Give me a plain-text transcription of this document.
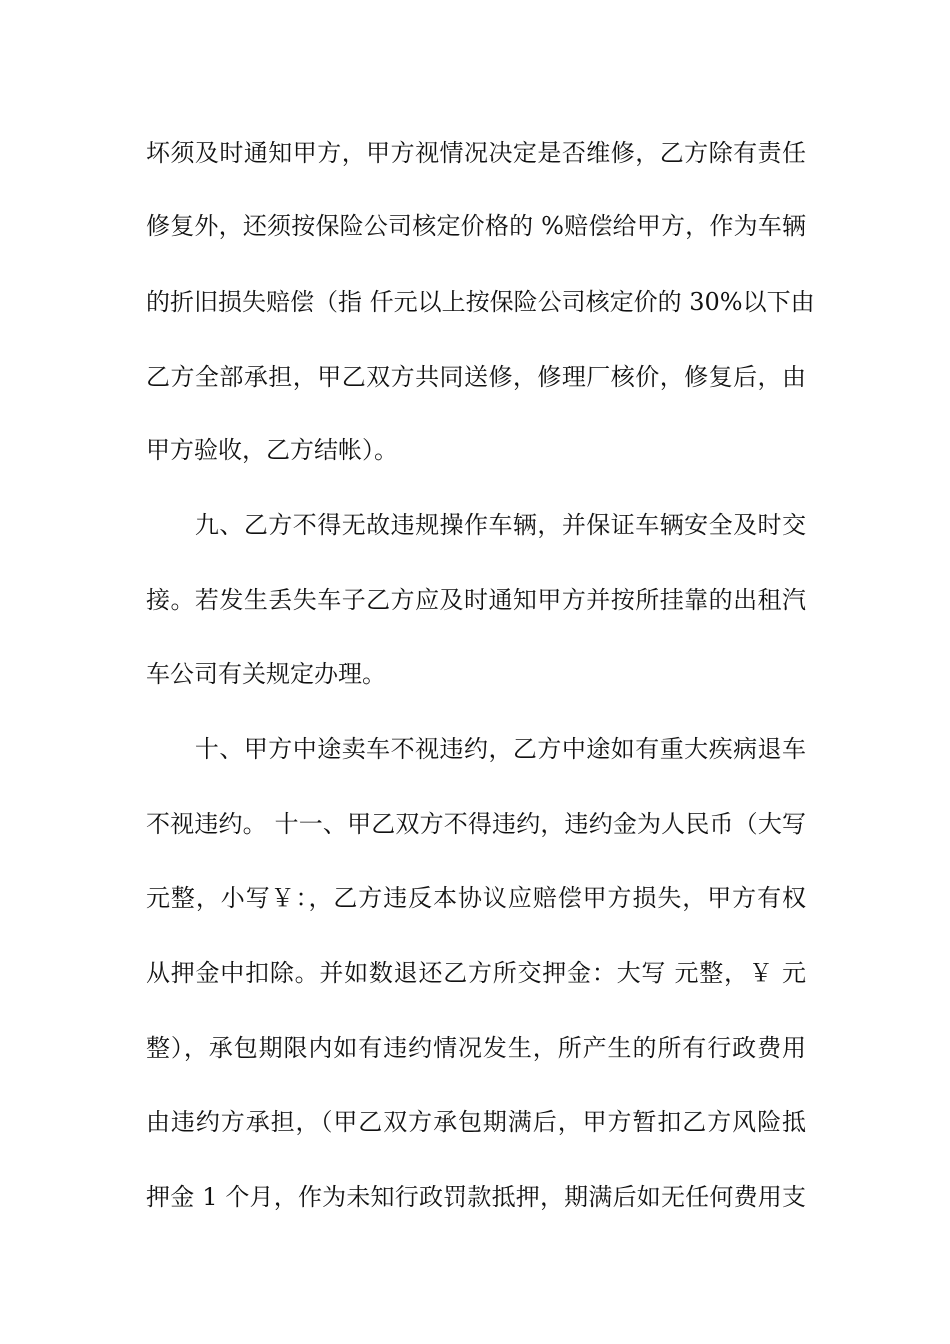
坏须及时通知甲方，甲方视情况决定是否维修，乙方除有责任
修复外，还须按保险公司核定价格的 %赔偿给甲方，作为车辆
的折旧损失赔偿（指 仟元以上按保险公司核定价的 30%以下由
乙方全部承担，甲乙双方共同送修，修理厂核价，修复后，由
甲方验收，乙方结帐）。
　　九、乙方不得无故违规操作车辆，并保证车辆安全及时交
接。若发生丢失车子乙方应及时通知甲方并按所挂靠的出租汽
车公司有关规定办理。
　　十、甲方中途卖车不视违约，乙方中途如有重大疾病退车
不视违约。 十一、甲乙双方不得违约，违约金为人民币（大写
元整，小写￥：，乙方违反本协议应赔偿甲方损失，甲方有权
从押金中扣除。并如数退还乙方所交押金：大写 元整，￥ 元
整），承包期限内如有违约情况发生，所产生的所有行政费用
由违约方承担，（甲乙双方承包期满后，甲方暂扣乙方风险抵
押金 1 个月，作为未知行政罚款抵押，期满后如无任何费用支
